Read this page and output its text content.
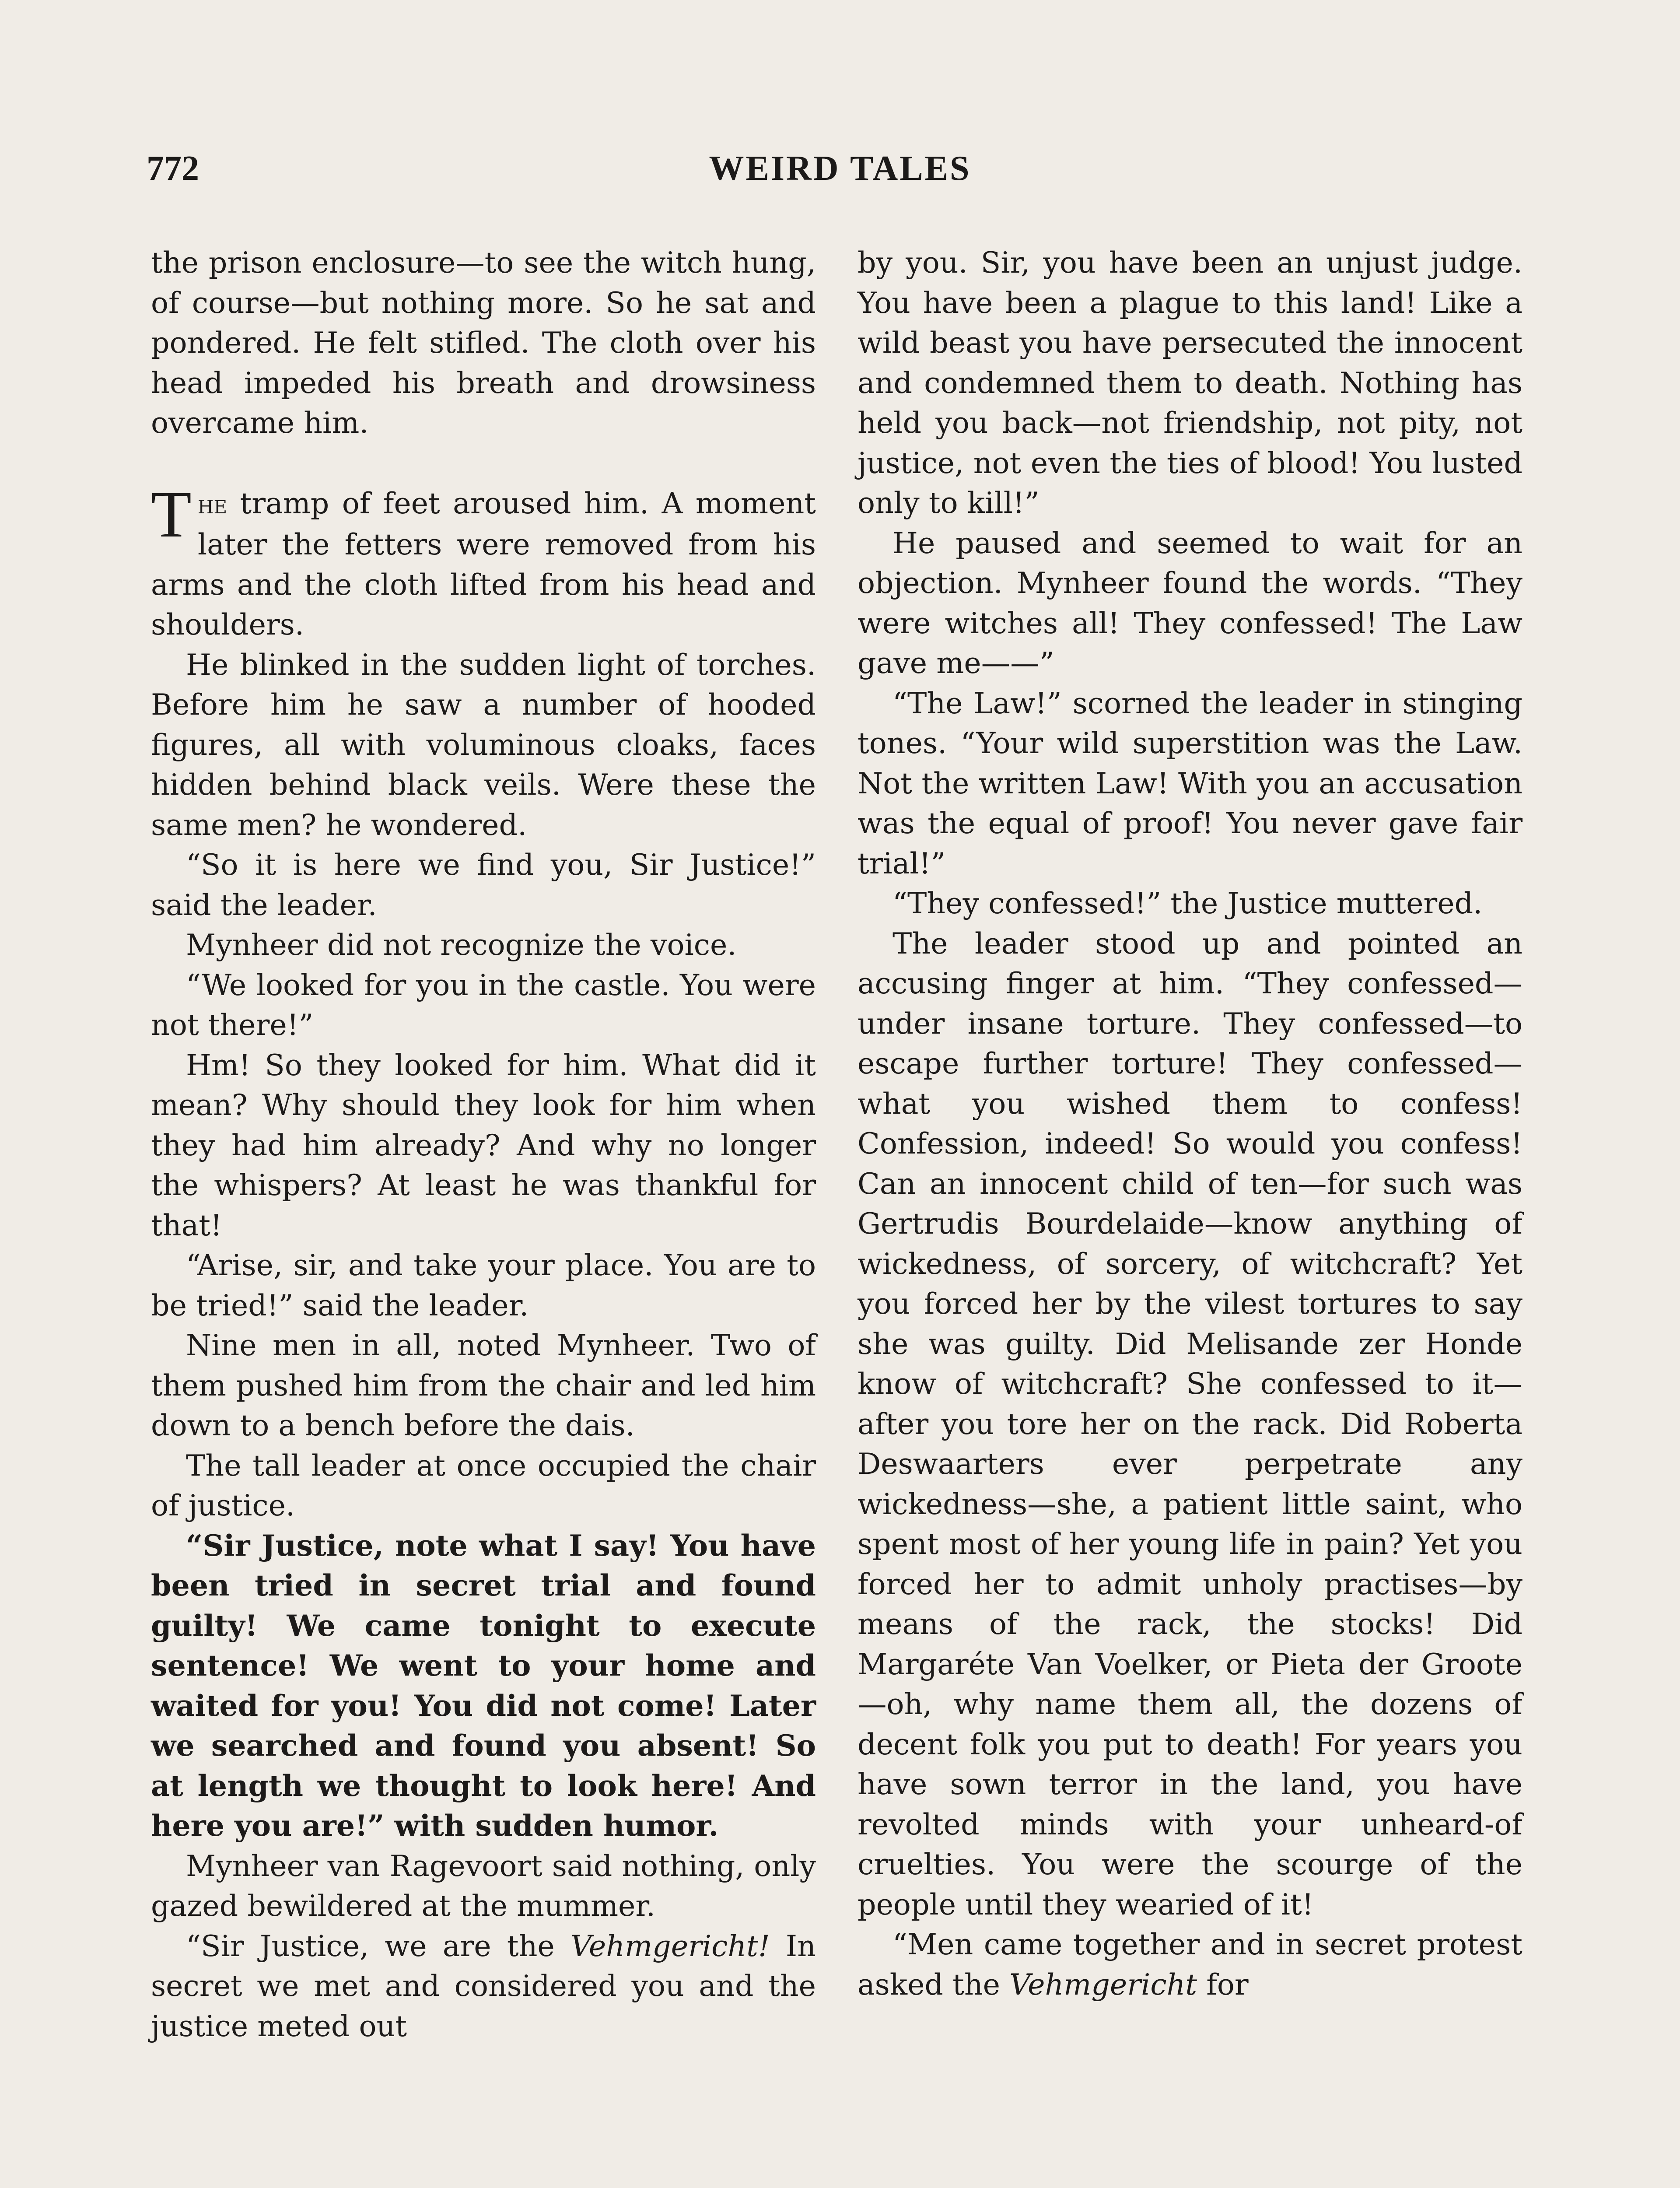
772	WEIRD TALES

the prison enclosure—to see the witch hung, of course—but nothing more. So he sat and pondered. He felt stifled. The cloth over his head impeded his breath and drowsiness overcame him.

The tramp of feet aroused him. A moment later the fetters were removed from his arms and the cloth lifted from his head and shoulders.

He blinked in the sudden light of torches. Before him he saw a number of hooded figures, all with voluminous cloaks, faces hidden behind black veils. Were these the same men? he wondered.

“So it is here we find you, Sir Justice!” said the leader.

Mynheer did not recognize the voice.

“We looked for you in the castle. You were not there!”

Hm! So they looked for him. What did it mean? Why should they look for him when they had him already? And why no longer the whispers? At least he was thankful for that!

“Arise, sir, and take your place. You are to be tried!” said the leader.

Nine men in all, noted Mynheer. Two of them pushed him from the chair and led him down to a bench before the dais.

The tall leader at once occupied the chair of justice.

“Sir Justice, note what I say! You have been tried in secret trial and found guilty! We came tonight to execute sentence! We went to your home and waited for you! You did not come! Later we searched and found you absent! So at length we thought to look here! And here you are!” with sudden humor.

Mynheer van Ragevoort said nothing, only gazed bewildered at the mummer.

“Sir Justice, we are the Vehmgericht! In secret we met and considered you and the justice meted out

by you. Sir, you have been an unjust judge. You have been a plague to this land! Like a wild beast you have persecuted the innocent and condemned them to death. Nothing has held you back—not friendship, not pity, not justice, not even the ties of blood! You lusted only to kill!”

He paused and seemed to wait for an objection. Mynheer found the words. “They were witches all! They confessed! The Law gave me——”

“The Law!” scorned the leader in stinging tones. “Your wild superstition was the Law. Not the written Law! With you an accusation was the equal of proof! You never gave fair trial!”

“They confessed!” the Justice muttered.

The leader stood up and pointed an accusing finger at him. “They confessed—under insane torture. They confessed—to escape further torture! They confessed—what you wished them to confess! Confession, indeed! So would you confess! Can an innocent child of ten—for such was Gertrudis Bourdelaide—know anything of wickedness, of sorcery, of witchcraft? Yet you forced her by the vilest tortures to say she was guilty. Did Melisande zer Honde know of witchcraft? She confessed to it—after you tore her on the rack. Did Roberta Deswaarters ever perpetrate any wickedness—she, a patient little saint, who spent most of her young life in pain? Yet you forced her to admit unholy practises—by means of the rack, the stocks! Did Margaréte Van Voelker, or Pieta der Groote—oh, why name them all, the dozens of decent folk you put to death! For years you have sown terror in the land, you have revolted minds with your unheard-of cruelties. You were the scourge of the people until they wearied of it!

“Men came together and in secret protest asked the Vehmgericht for
